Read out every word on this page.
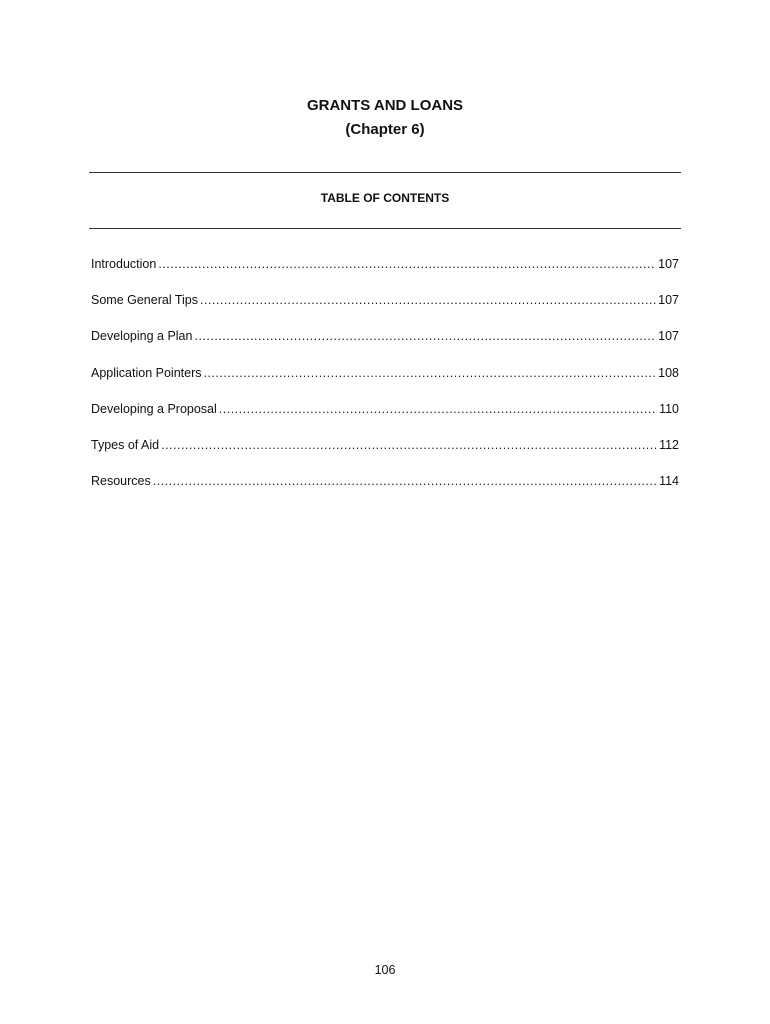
GRANTS AND LOANS
(Chapter 6)
TABLE OF CONTENTS
Introduction .....	107
Some General Tips .....	107
Developing a Plan .....	107
Application Pointers .....	108
Developing a Proposal .....	110
Types of Aid .....	112
Resources .....	114
106
